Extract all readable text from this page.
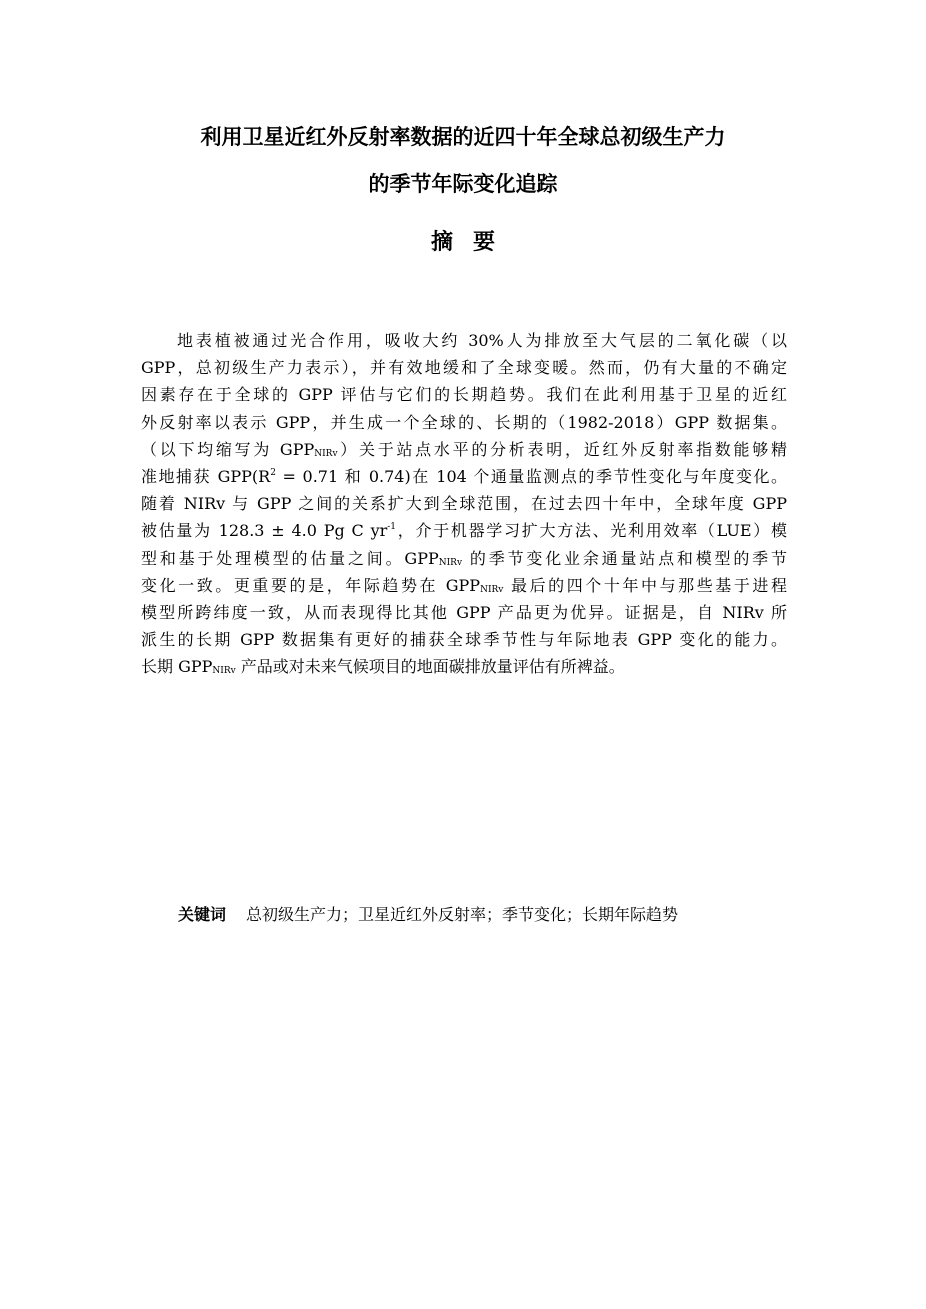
利用卫星近红外反射率数据的近四十年全球总初级生产力
的季节年际变化追踪
摘要
地表植被通过光合作用，吸收大约 30%人为排放至大气层的二氧化碳（以
GPP，总初级生产力表示），并有效地缓和了全球变暖。然而，仍有大量的不确定
因素存在于全球的 GPP 评估与它们的长期趋势。我们在此利用基于卫星的近红
外反射率以表示 GPP，并生成一个全球的、长期的（1982-2018）GPP 数据集。
（以下均缩写为 $GPP_{NIRv}$）关于站点水平的分析表明，近红外反射率指数能够精
准地捕获 $GPP(R^2 = 0.71$ 和 0.74)在 104 个通量监测点的季节性变化与年度变化。
随着 NIRv 与 GPP 之间的关系扩大到全球范围，在过去四十年中，全球年度 GPP
被估量为 128.3 ± 4.0 Pg C $yr^{-1}$，介于机器学习扩大方法、光利用效率（LUE）模
型和基于处理模型的估量之间。$GPP_{NIRv}$ 的季节变化业余通量站点和模型的季节
变化一致。更重要的是，年际趋势在 $GPP_{NIRv}$ 最后的四个十年中与那些基于进程
模型所跨纬度一致，从而表现得比其他 GPP 产品更为优异。证据是，自 NIRv 所
派生的长期 GPP 数据集有更好的捕获全球季节性与年际地表 GPP 变化的能力。
长期 $GPP_{NIRv}$ 产品或对未来气候项目的地面碳排放量评估有所裨益。
关键词 总初级生产力；卫星近红外反射率；季节变化；长期年际趋势
